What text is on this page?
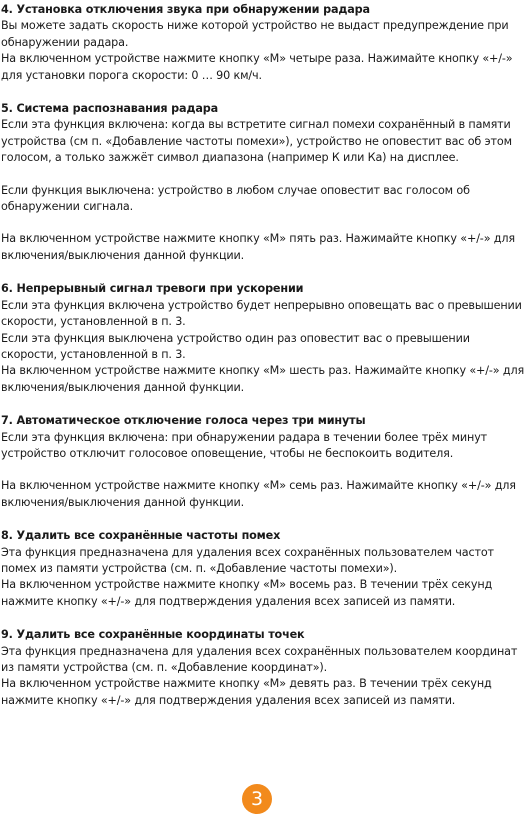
4. Установка отключения звука при обнаружении радара
Вы можете задать скорость ниже которой устройство не выдаст предупреждение при
обнаружении радара.
На включенном устройстве нажмите кнопку «M» четыре раза. Нажимайте кнопку «+/-»
для установки порога скорости: 0 … 90 км/ч.
5. Система распознавания радара
Если эта функция включена: когда вы встретите сигнал помехи сохранённый в памяти
устройства (см п. «Добавление частоты помехи»), устройство не оповестит вас об этом
голосом, а только зажжёт символ диапазона (например К или Ка) на дисплее.
Если функция выключена: устройство в любом случае оповестит вас голосом об
обнаружении сигнала.
На включенном устройстве нажмите кнопку «M» пять раз. Нажимайте кнопку «+/-» для
включения/выключения данной функции.
6. Непрерывный сигнал тревоги при ускорении
Если эта функция включена устройство будет непрерывно оповещать вас о превышении
скорости, установленной в п. 3.
Если эта функция выключена устройство один раз оповестит вас о превышении
скорости, установленной в п. 3.
На включенном устройстве нажмите кнопку «M» шесть раз. Нажимайте кнопку «+/-» для
включения/выключения данной функции.
7. Автоматическое отключение голоса через три минуты
Если эта функция включена: при обнаружении радара в течении более трёх минут
устройство отключит голосовое оповещение, чтобы не беспокоить водителя.
На включенном устройстве нажмите кнопку «M» семь раз. Нажимайте кнопку «+/-» для
включения/выключения данной функции.
8. Удалить все сохранённые частоты помех
Эта функция предназначена для удаления всех сохранённых пользователем частот
помех из памяти устройства (см. п. «Добавление частоты помехи»).
На включенном устройстве нажмите кнопку «M» восемь раз. В течении трёх секунд
нажмите кнопку «+/-» для подтверждения удаления всех записей из памяти.
9. Удалить все сохранённые координаты точек
Эта функция предназначена для удаления всех сохранённых пользователем координат
из памяти устройства (см. п. «Добавление координат»).
На включенном устройстве нажмите кнопку «M» девять раз. В течении трёх секунд
нажмите кнопку «+/-» для подтверждения удаления всех записей из памяти.
3
